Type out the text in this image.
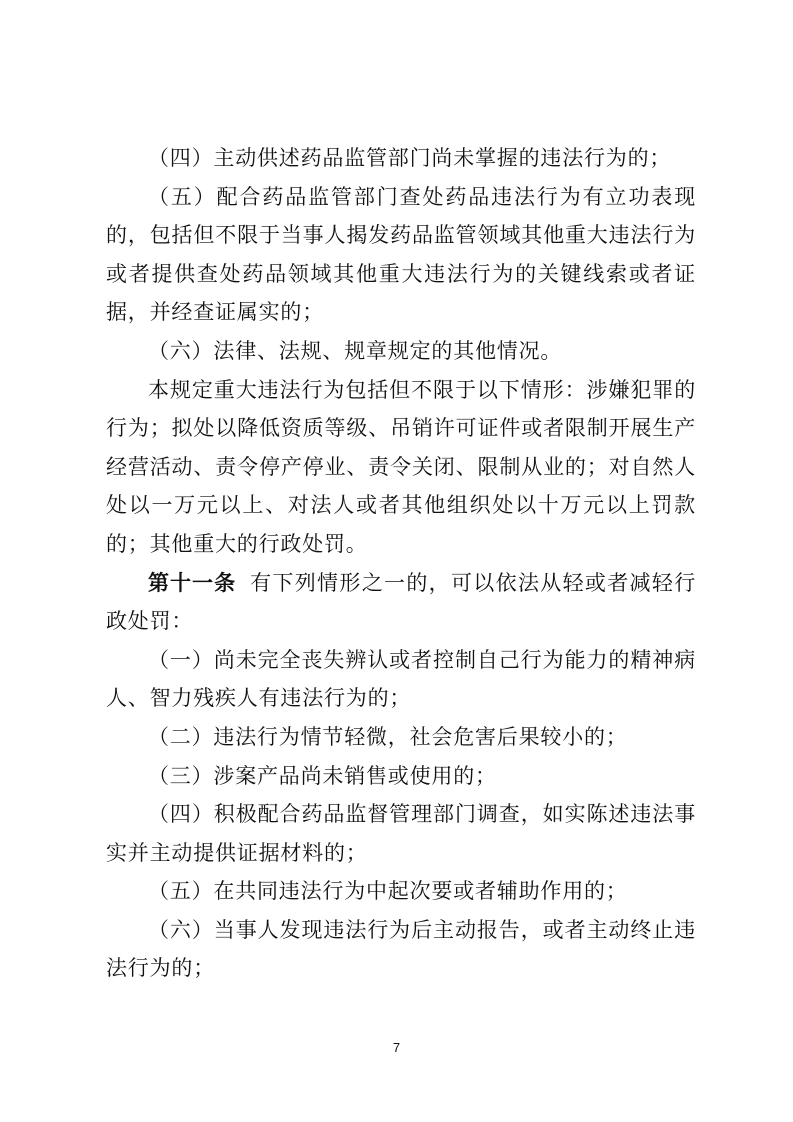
（四）主动供述药品监管部门尚未掌握的违法行为的；

（五）配合药品监管部门查处药品违法行为有立功表现的，包括但不限于当事人揭发药品监管领域其他重大违法行为或者提供查处药品领域其他重大违法行为的关键线索或者证据，并经查证属实的；

（六）法律、法规、规章规定的其他情况。

本规定重大违法行为包括但不限于以下情形：涉嫌犯罪的行为；拟处以降低资质等级、吊销许可证件或者限制开展生产经营活动、责令停产停业、责令关闭、限制从业的；对自然人处以一万元以上、对法人或者其他组织处以十万元以上罚款的；其他重大的行政处罚。

第十一条 有下列情形之一的，可以依法从轻或者减轻行政处罚：

（一）尚未完全丧失辨认或者控制自己行为能力的精神病人、智力残疾人有违法行为的；

（二）违法行为情节轻微，社会危害后果较小的；

（三）涉案产品尚未销售或使用的；

（四）积极配合药品监督管理部门调查，如实陈述违法事实并主动提供证据材料的；

（五）在共同违法行为中起次要或者辅助作用的；

（六）当事人发现违法行为后主动报告，或者主动终止违法行为的；

7
